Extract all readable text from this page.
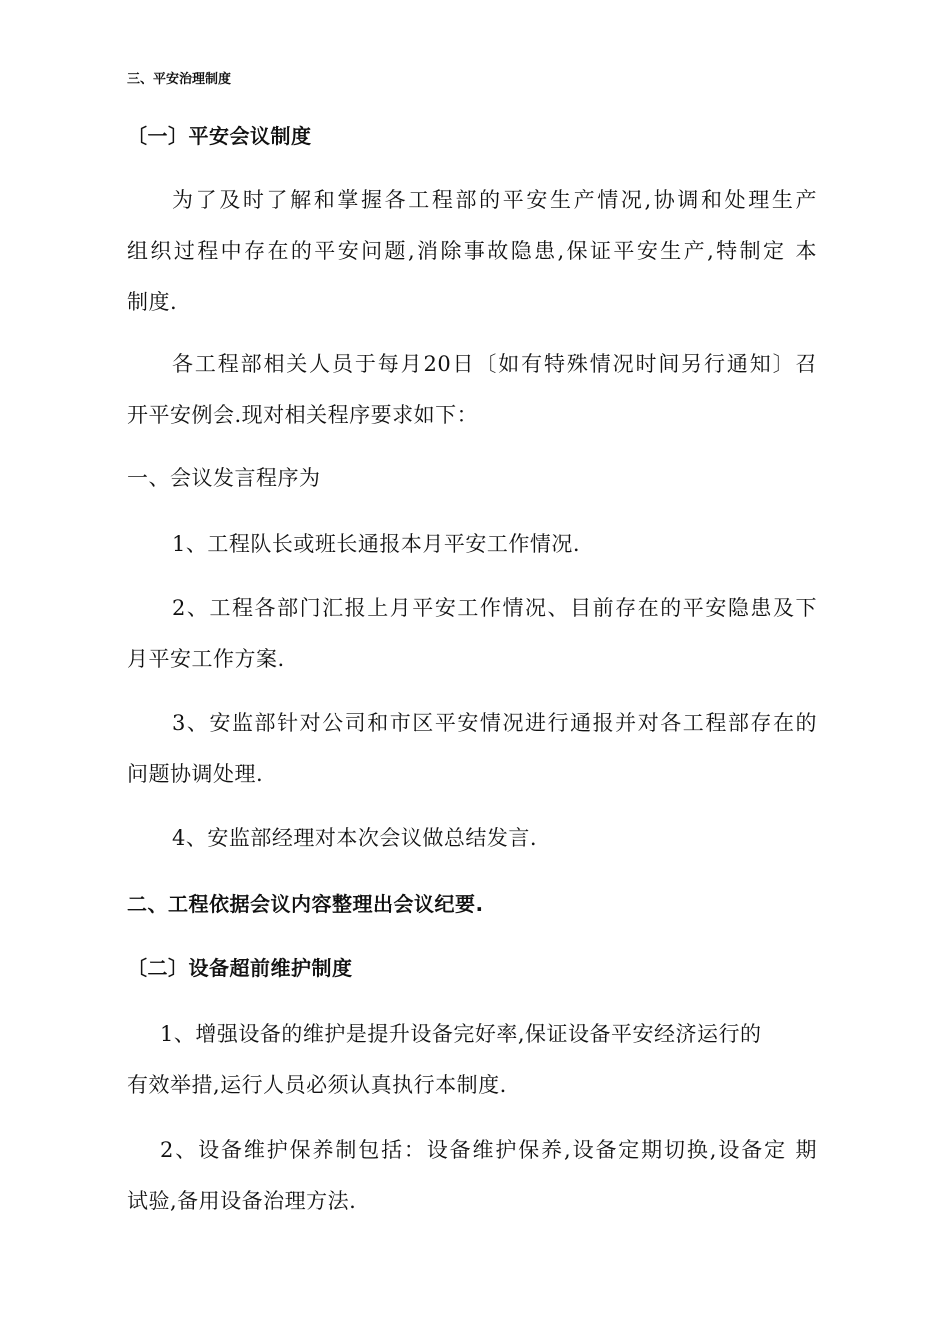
三、平安治理制度
〔一〕平安会议制度
为了及时了解和掌握各工程部的平安生产情况,协调和处理生产
组织过程中存在的平安问题,消除事故隐患,保证平安生产,特制定 本
制度.
各工程部相关人员于每月20日〔如有特殊情况时间另行通知〕召
开平安例会.现对相关程序要求如下：
一、会议发言程序为
1、工程队长或班长通报本月平安工作情况.
2、工程各部门汇报上月平安工作情况、目前存在的平安隐患及下
月平安工作方案.
3、安监部针对公司和市区平安情况进行通报并对各工程部存在的
问题协调处理.
4、安监部经理对本次会议做总结发言.
二、工程依据会议内容整理出会议纪要.
〔二〕设备超前维护制度
1、增强设备的维护是提升设备完好率,保证设备平安经济运行的
有效举措,运行人员必须认真执行本制度.
2、设备维护保养制包括：设备维护保养,设备定期切换,设备定 期
试验,备用设备治理方法.
